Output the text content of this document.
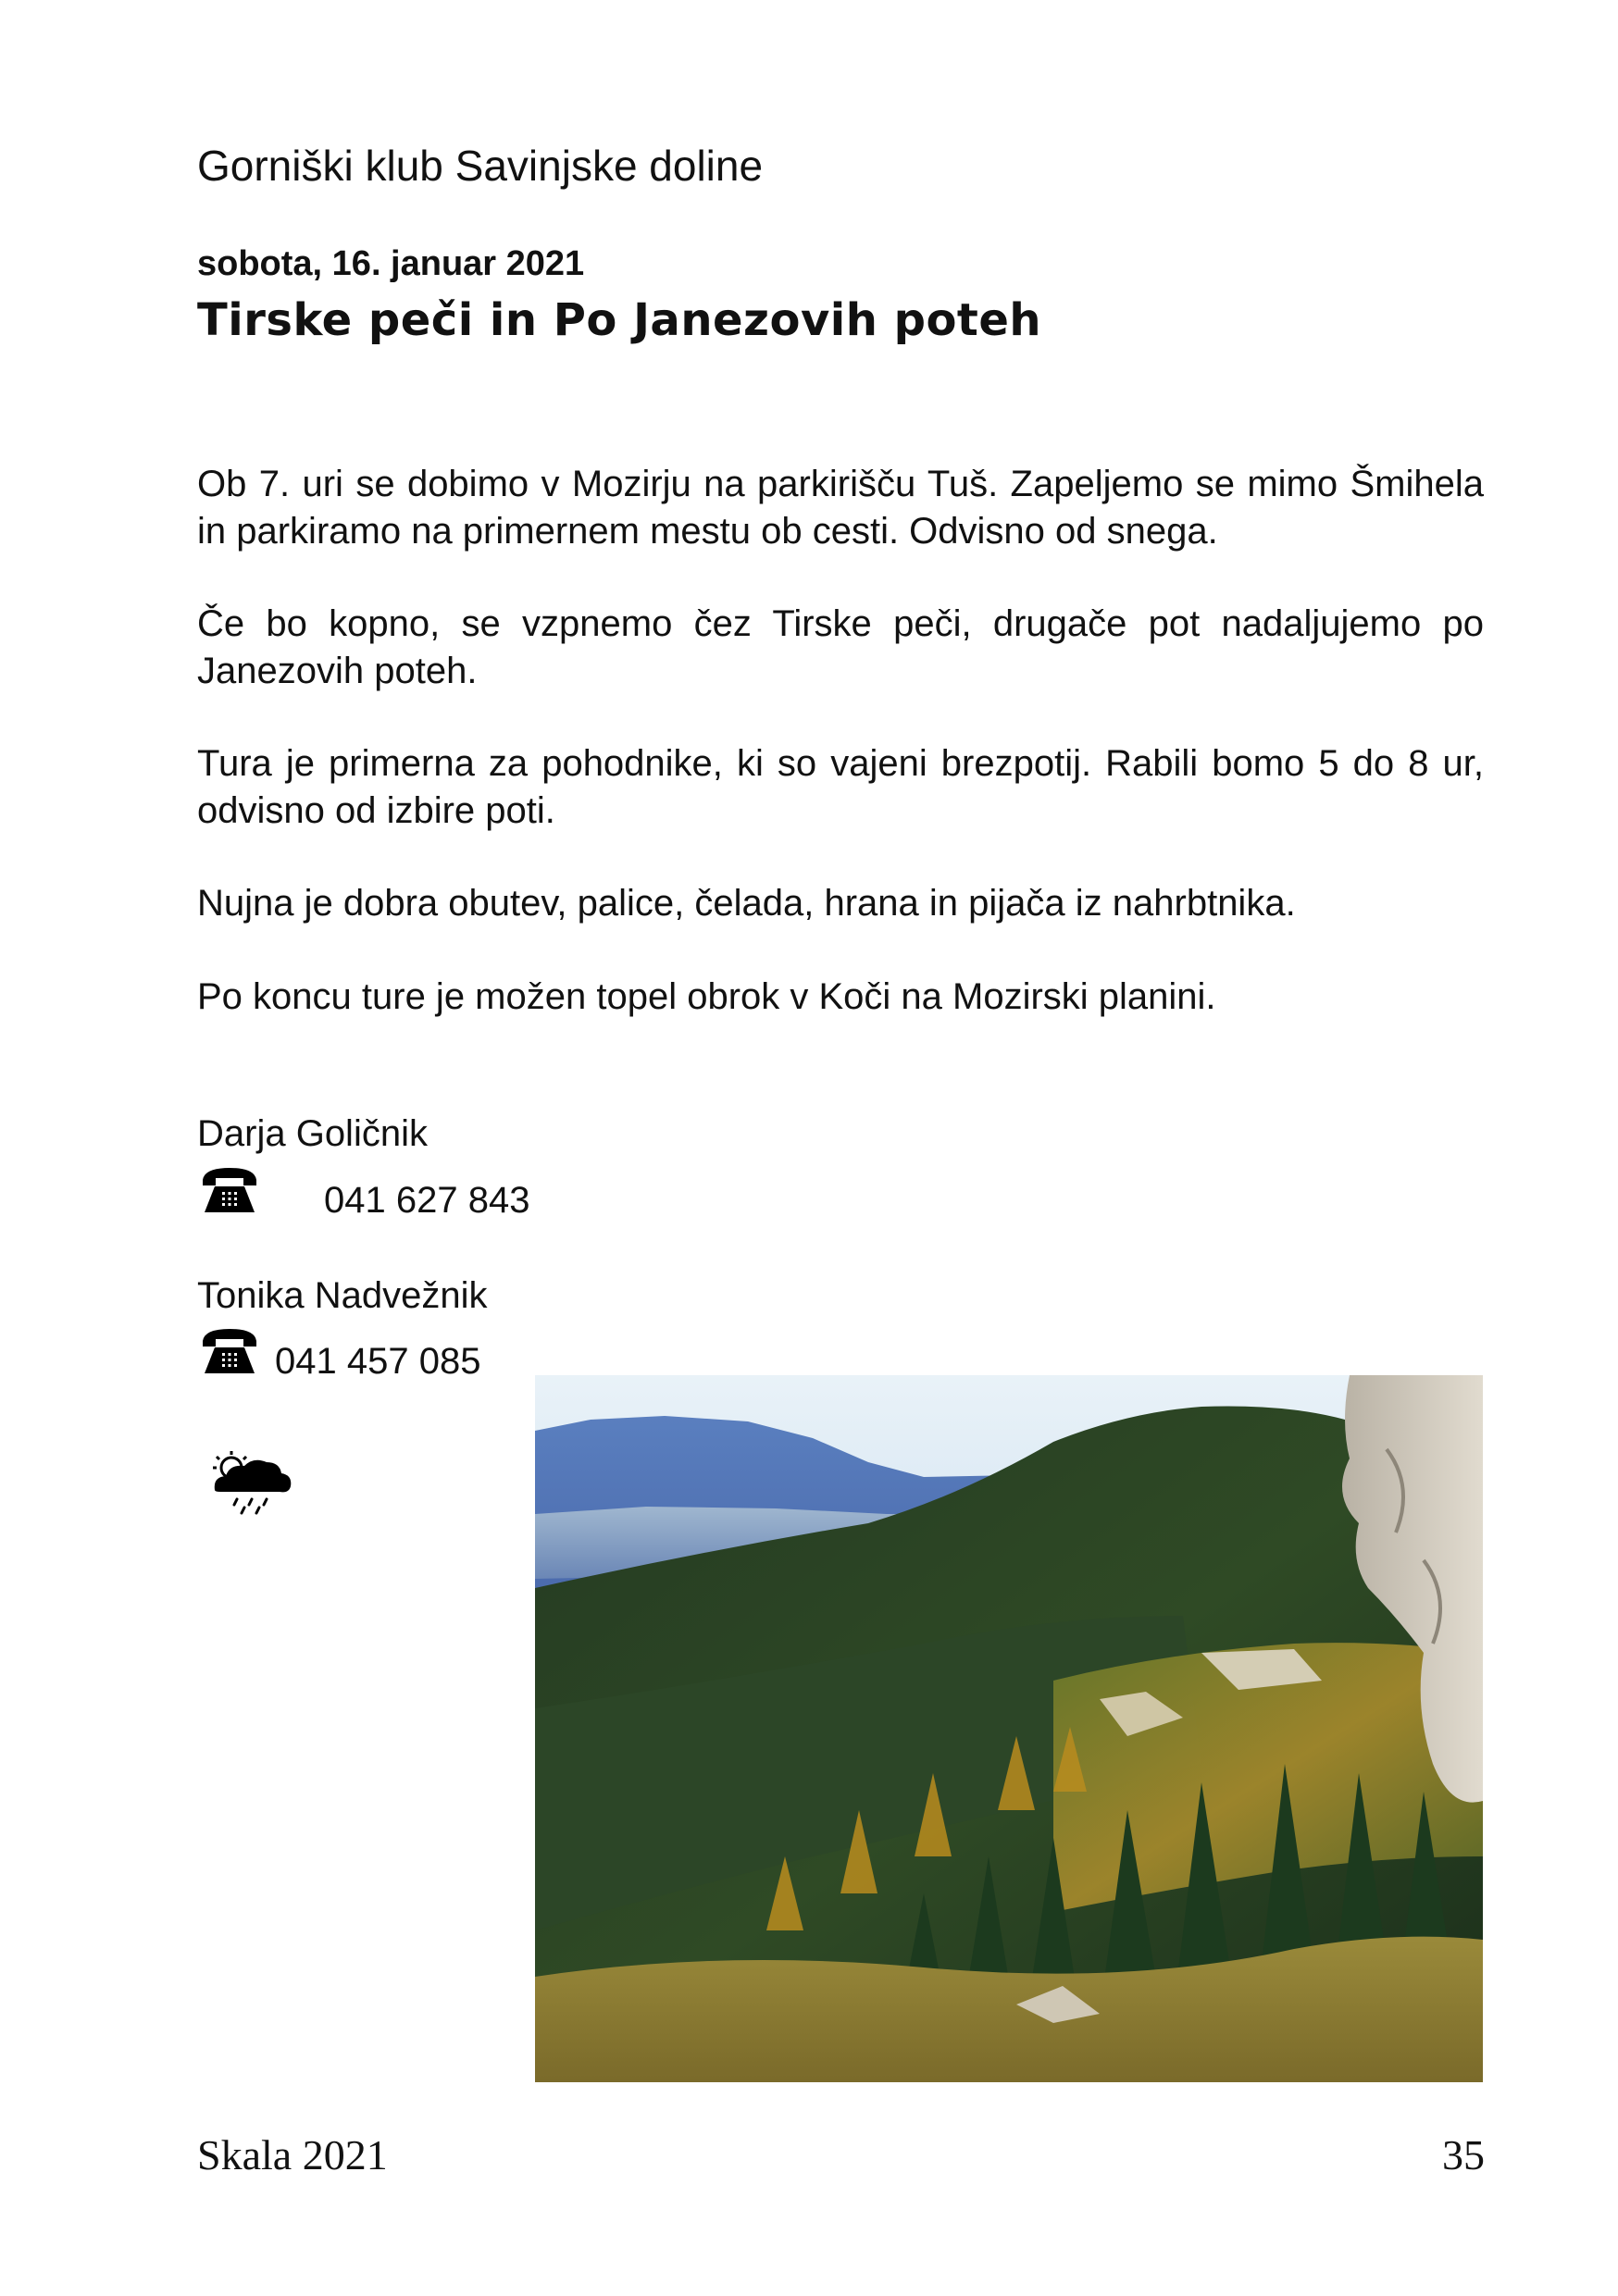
Gorniški klub Savinjske doline
sobota, 16. januar 2021
Tirske peči in Po Janezovih poteh
Ob 7. uri se dobimo v Mozirju na parkirišču Tuš. Zapeljemo se mimo Šmihela in parkiramo na primernem mestu ob cesti. Odvisno od snega.
Če bo kopno, se vzpnemo čez Tirske peči, drugače pot nadaljujemo po Janezovih poteh.
Tura je primerna za pohodnike, ki so vajeni brezpotij. Rabili bomo 5 do 8 ur, odvisno od izbire poti.
Nujna je dobra obutev, palice, čelada, hrana in pijača iz nahrbtnika.
Po koncu ture je možen topel obrok v Koči na Mozirski planini.
Darja Goličnik
041 627 843
Tonika Nadvežnik
041 457 085
Skala 2021	35
